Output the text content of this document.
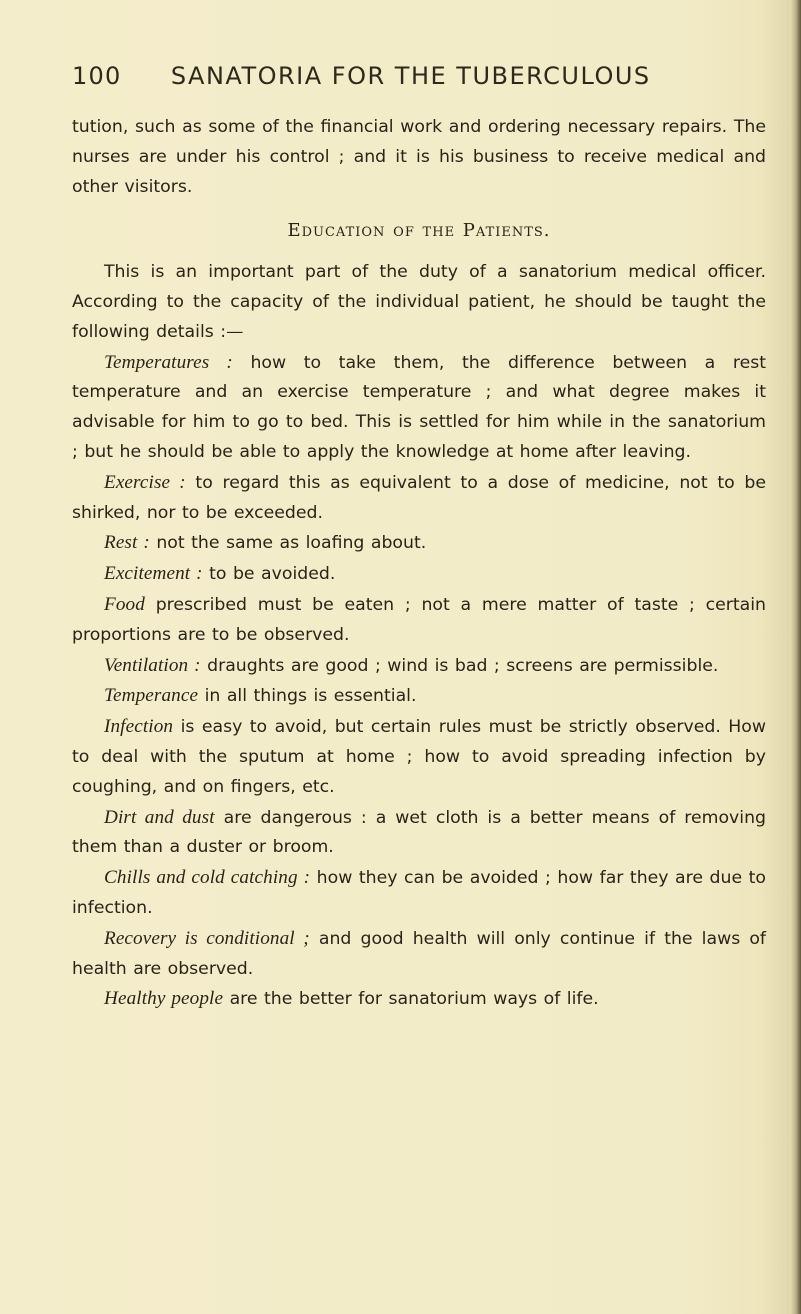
100 SANATORIA FOR THE TUBERCULOUS

tution, such as some of the financial work and ordering necessary repairs. The nurses are under his control ; and it is his business to receive medical and other visitors.

Education of the Patients.

This is an important part of the duty of a sanatorium medical officer. According to the capacity of the individual patient, he should be taught the following details :—

Temperatures : how to take them, the difference between a rest temperature and an exercise temperature ; and what degree makes it advisable for him to go to bed. This is settled for him while in the sanatorium ; but he should be able to apply the knowledge at home after leaving.

Exercise : to regard this as equivalent to a dose of medicine, not to be shirked, nor to be exceeded.

Rest : not the same as loafing about.

Excitement : to be avoided.

Food prescribed must be eaten ; not a mere matter of taste ; certain proportions are to be observed.

Ventilation : draughts are good ; wind is bad ; screens are permissible.

Temperance in all things is essential.

Infection is easy to avoid, but certain rules must be strictly observed. How to deal with the sputum at home ; how to avoid spreading infection by coughing, and on fingers, etc.

Dirt and dust are dangerous : a wet cloth is a better means of removing them than a duster or broom.

Chills and cold catching : how they can be avoided ; how far they are due to infection.

Recovery is conditional ; and good health will only continue if the laws of health are observed.

Healthy people are the better for sanatorium ways of life.
